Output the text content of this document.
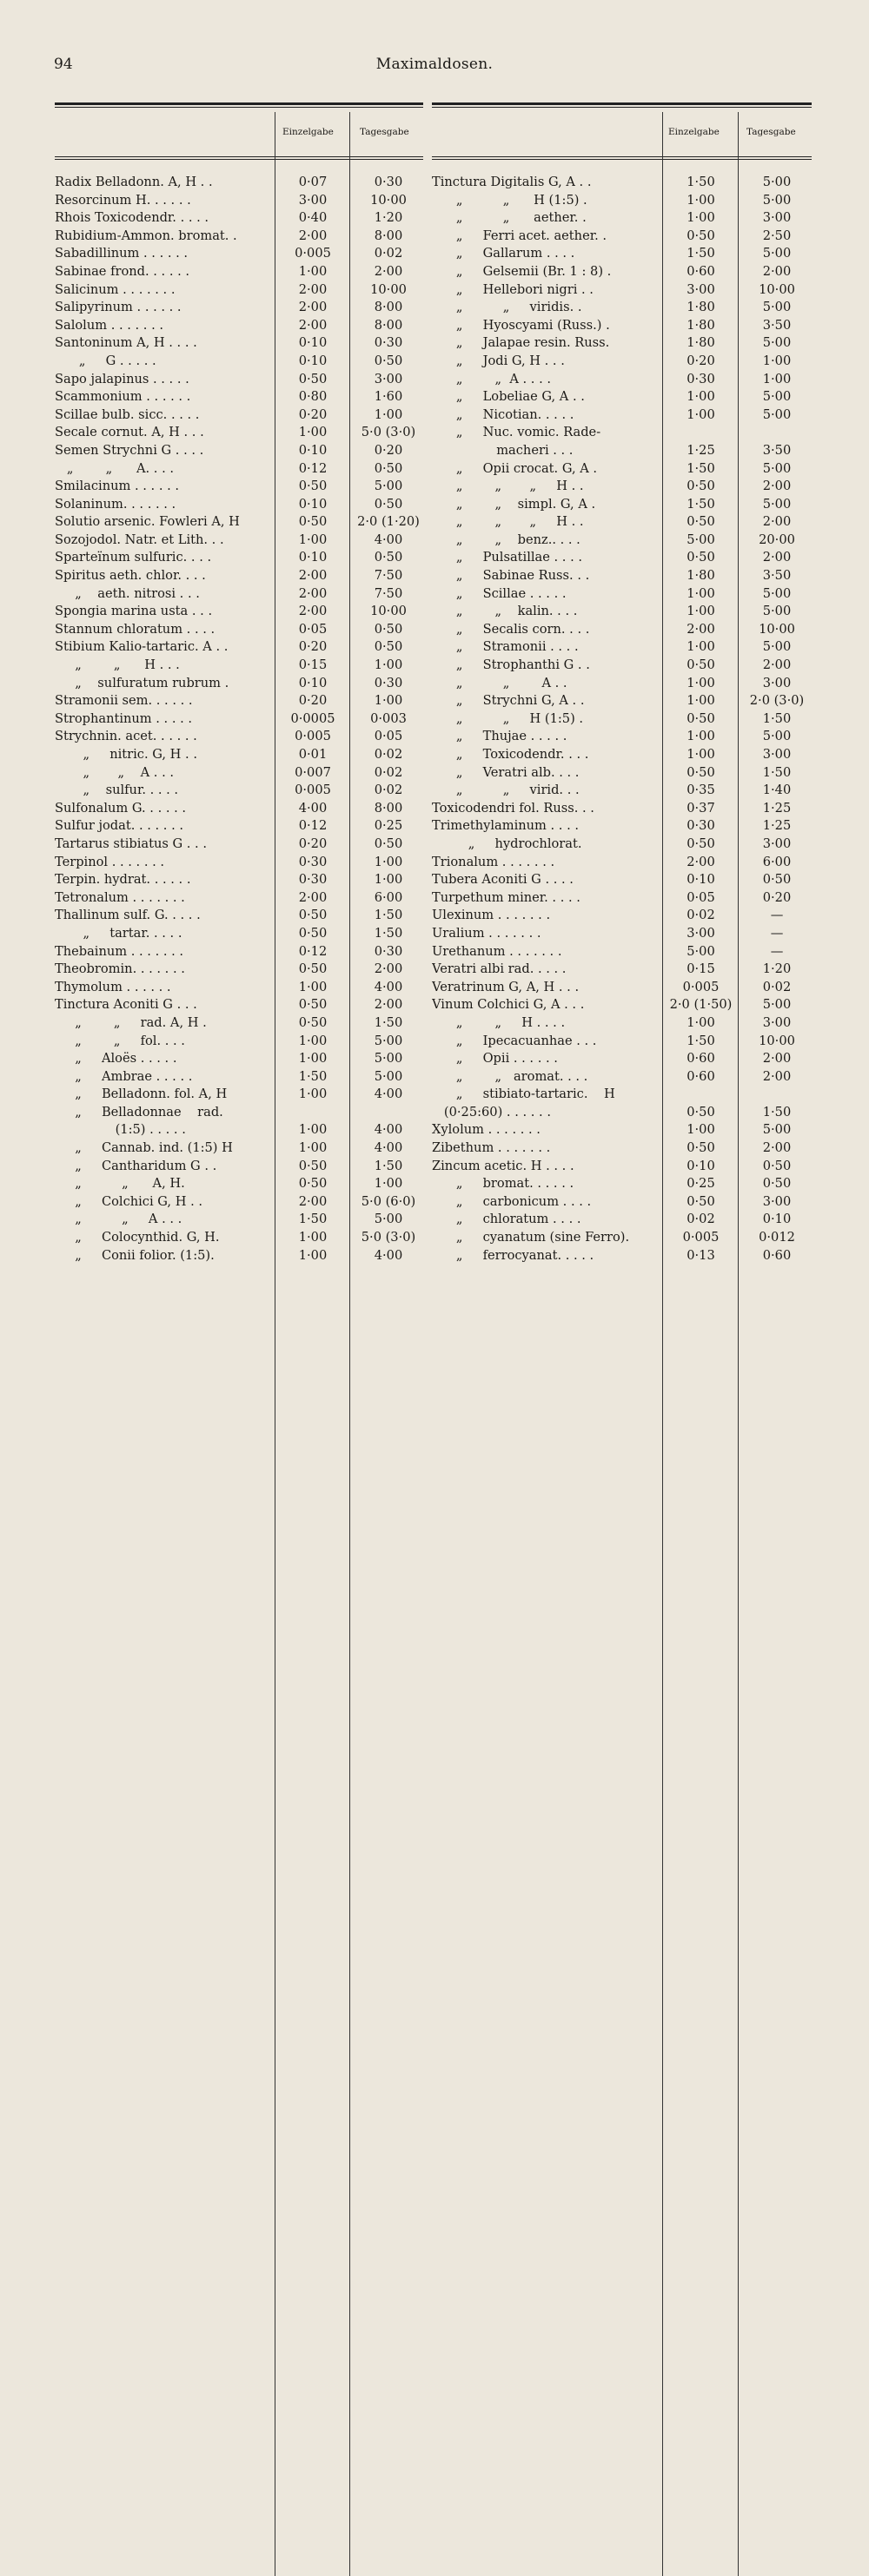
94	Maximaldosen.
Einzelgabe	Tagesgabe
Radix Belladonn. A, H . .	0·07	0·30
Resorcinum H. . . . . .	3·00	10·00
Rhois Toxicodendr. . . . .	0·40	1·20
Rubidium-Ammon. bromat. .	2·00	8·00
Sabadillinum . . . . . .	0·005	0·02
Sabinae frond. . . . . .	1·00	2·00
Salicinum . . . . . . .	2·00	10·00
Salipyrinum . . . . . .	2·00	8·00
Salolum . . . . . . .	2·00	8·00
Santoninum A, H . . . .	0·10	0·30
„     G . . . . .	0·10	0·50
Sapo jalapinus . . . . .	0·50	3·00
Scammonium . . . . . .	0·80	1·60
Scillae bulb. sicc. . . . .	0·20	1·00
Secale cornut. A, H . . .	1·00	5·0 (3·0)
Semen Strychni G . . . .	0·10	0·20
„        „      A. . . .	0·12	0·50
Smilacinum . . . . . .	0·50	5·00
Solaninum. . . . . . .	0·10	0·50
Solutio arsenic. Fowleri A, H	0·50	2·0 (1·20)
Sozojodol. Natr. et Lith. . .	1·00	4·00
Sparteïnum sulfuric. . . .	0·10	0·50
Spiritus aeth. chlor. . . .	2·00	7·50
„    aeth. nitrosi . . .	2·00	7·50
Spongia marina usta . . .	2·00	10·00
Stannum chloratum . . . .	0·05	0·50
Stibium Kalio-tartaric. A . .	0·20	0·50
„        „      H . . .	0·15	1·00
„    sulfuratum rubrum .	0·10	0·30
Stramonii sem. . . . . .	0·20	1·00
Strophantinum . . . . .	0·0005	0·003
Strychnin. acet. . . . . .	0·005	0·05
„     nitric. G, H . .	0·01	0·02
„       „    A . . .	0·007	0·02
„    sulfur. . . . .	0·005	0·02
Sulfonalum G. . . . . .	4·00	8·00
Sulfur jodat. . . . . . .	0·12	0·25
Tartarus stibiatus G . . .	0·20	0·50
Terpinol . . . . . . .	0·30	1·00
Terpin. hydrat. . . . . .	0·30	1·00
Tetronalum . . . . . . .	2·00	6·00
Thallinum sulf. G. . . . .	0·50	1·50
„     tartar. . . . .	0·50	1·50
Thebainum . . . . . . .	0·12	0·30
Theobromin. . . . . . .	0·50	2·00
Thymolum . . . . . .	1·00	4·00
Tinctura Aconiti G . . .	0·50	2·00
„        „     rad. A, H .	0·50	1·50
„        „     fol. . . .	1·00	5·00
„     Aloës . . . . .	1·00	5·00
„     Ambrae . . . . .	1·50	5·00
„     Belladonn. fol. A, H	1·00	4·00
„     Belladonnae    rad.
(1:5) . . . . .	1·00	4·00
„     Cannab. ind. (1:5) H	1·00	4·00
„     Cantharidum G . .	0·50	1·50
„          „      A, H.	0·50	1·00
„     Colchici G, H . .	2·00	5·0 (6·0)
„          „     A . . .	1·50	5·00
„     Colocynthid. G, H.	1·00	5·0 (3·0)
„     Conii folior. (1:5).	1·00	4·00
Einzelgabe	Tagesgabe
Tinctura Digitalis G, A . .	1·50	5·00
„          „      H (1:5) .	1·00	5·00
„          „      aether. .	1·00	3·00
„     Ferri acet. aether. .	0·50	2·50
„     Gallarum . . . .	1·50	5·00
„     Gelsemii (Br. 1 : 8) .	0·60	2·00
„     Hellebori nigri . .	3·00	10·00
„          „     viridis. .	1·80	5·00
„     Hyoscyami (Russ.) .	1·80	3·50
„     Jalapae resin. Russ.	1·80	5·00
„     Jodi G, H . . .	0·20	1·00
„        „  A . . . .	0·30	1·00
„     Lobeliae G, A . .	1·00	5·00
„     Nicotian. . . . .	1·00	5·00
„     Nuc. vomic. Rade-
macheri . . .	1·25	3·50
„     Opii crocat. G, A .	1·50	5·00
„        „       „     H . .	0·50	2·00
„        „    simpl. G, A .	1·50	5·00
„        „       „     H . .	0·50	2·00
„        „    benz.. . . .	5·00	20·00
„     Pulsatillae . . . .	0·50	2·00
„     Sabinae Russ. . .	1·80	3·50
„     Scillae . . . . .	1·00	5·00
„        „    kalin. . . .	1·00	5·00
„     Secalis corn. . . .	2·00	10·00
„     Stramonii . . . .	1·00	5·00
„     Strophanthi G . .	0·50	2·00
„          „        A . .	1·00	3·00
„     Strychni G, A . .	1·00	2·0 (3·0)
„          „     H (1:5) .	0·50	1·50
„     Thujae . . . . .	1·00	5·00
„     Toxicodendr. . . .	1·00	3·00
„     Veratri alb. . . .	0·50	1·50
„          „     virid. . .	0·35	1·40
Toxicodendri fol. Russ. . .	0·37	1·25
Trimethylaminum . . . .	0·30	1·25
„     hydrochlorat.	0·50	3·00
Trionalum . . . . . . .	2·00	6·00
Tubera Aconiti G . . . .	0·10	0·50
Turpethum miner. . . . .	0·05	0·20
Ulexinum . . . . . . .	0·02	—
Uralium . . . . . . .	3·00	—
Urethanum . . . . . . .	5·00	—
Veratri albi rad. . . . .	0·15	1·20
Veratrinum G, A, H . . .	0·005	0·02
Vinum Colchici G, A . . .	2·0 (1·50)	5·00
„        „     H . . . .	1·00	3·00
„     Ipecacuanhae . . .	1·50	10·00
„     Opii . . . . . .	0·60	2·00
„        „   aromat. . . .	0·60	2·00
„     stibiato-tartaric.    H
(0·25:60) . . . . . .	0·50	1·50
Xylolum . . . . . . .	1·00	5·00
Zibethum . . . . . . .	0·50	2·00
Zincum acetic. H . . . .	0·10	0·50
„     bromat. . . . . .	0·25	0·50
„     carbonicum . . . .	0·50	3·00
„     chloratum . . . .	0·02	0·10
„     cyanatum (sine Ferro).	0·005	0·012
„     ferrocyanat. . . . .	0·13	0·60
